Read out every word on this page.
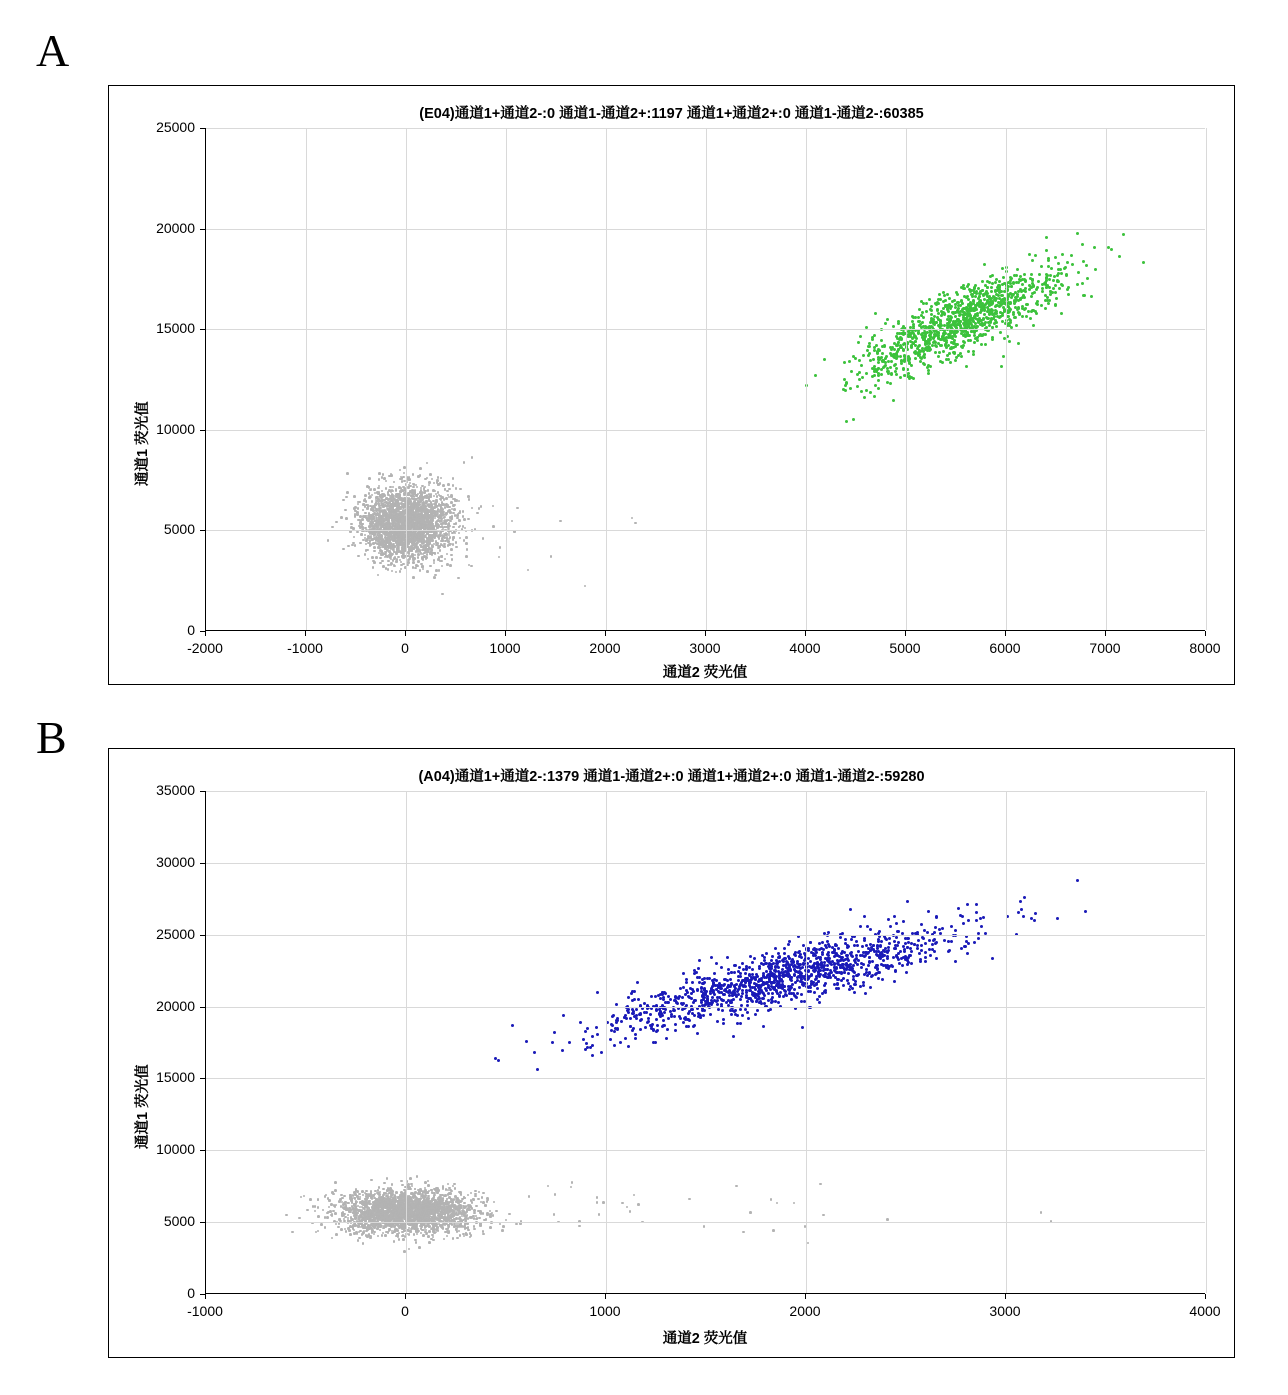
A
(E04)通道1+通道2-:0 通道1-通道2+:1197 通道1+通道2+:0 通道1-通道2-:60385
通道2 荧光值
通道1 荧光值
-2000	-1000	0	1000	2000	3000	4000	5000	6000	7000	8000
0
5000
10000
15000
20000
25000
B
(A04)通道1+通道2-:1379 通道1-通道2+:0 通道1+通道2+:0 通道1-通道2-:59280
通道2 荧光值
通道1 荧光值
-1000	0	1000	2000	3000	4000
0
5000
10000
15000
20000
25000
30000
35000
